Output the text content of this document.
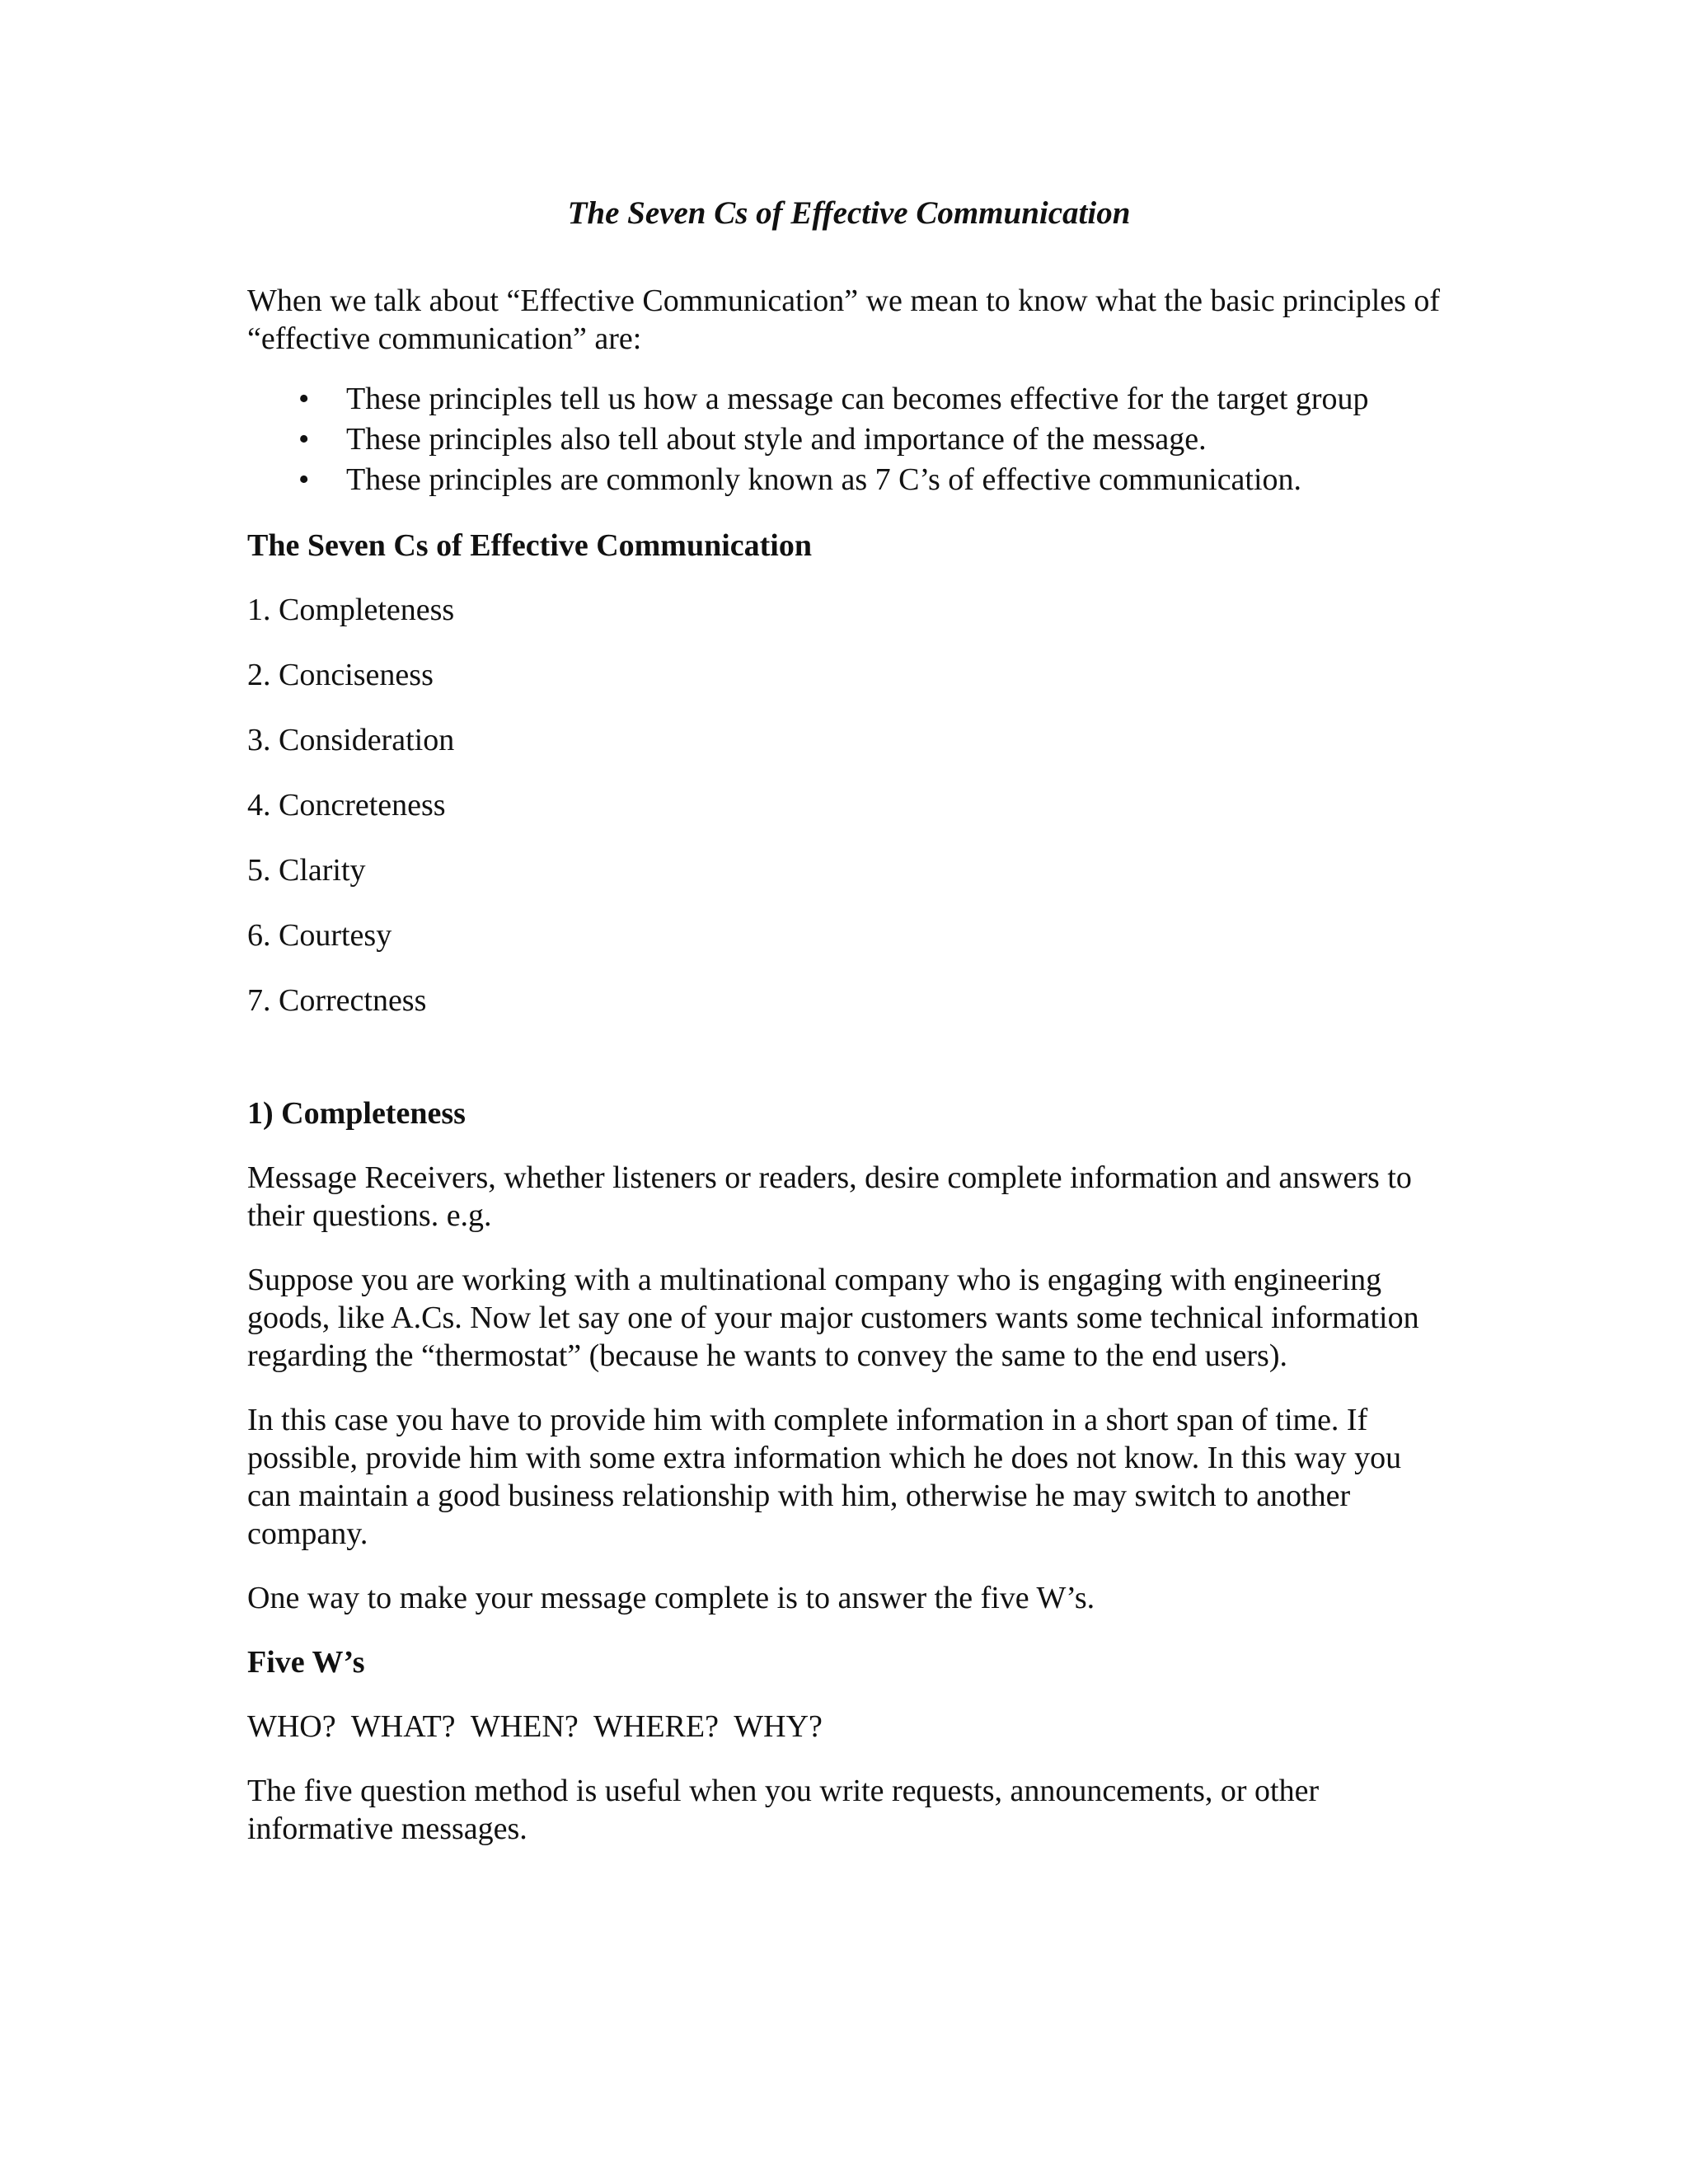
The Seven Cs of Effective Communication

When we talk about “Effective Communication” we mean to know what the basic principles of “effective communication” are:

• These principles tell us how a message can becomes effective for the target group
• These principles also tell about style and importance of the message.
• These principles are commonly known as 7 C’s of effective communication.
The Seven Cs of Effective Communication
1. Completeness
2. Conciseness
3. Consideration
4. Concreteness
5. Clarity
6. Courtesy
7. Correctness
1) Completeness

Message Receivers, whether listeners or readers, desire complete information and answers to their questions. e.g.

Suppose you are working with a multinational company who is engaging with engineering goods, like A.Cs. Now let say one of your major customers wants some technical information regarding the “thermostat” (because he wants to convey the same to the end users).

In this case you have to provide him with complete information in a short span of time. If possible, provide him with some extra information which he does not know. In this way you can maintain a good business relationship with him, otherwise he may switch to another company.

One way to make your message complete is to answer the five W’s.

Five W’s

WHO?  WHAT?  WHEN?  WHERE?  WHY?

The five question method is useful when you write requests, announcements, or other informative messages.
